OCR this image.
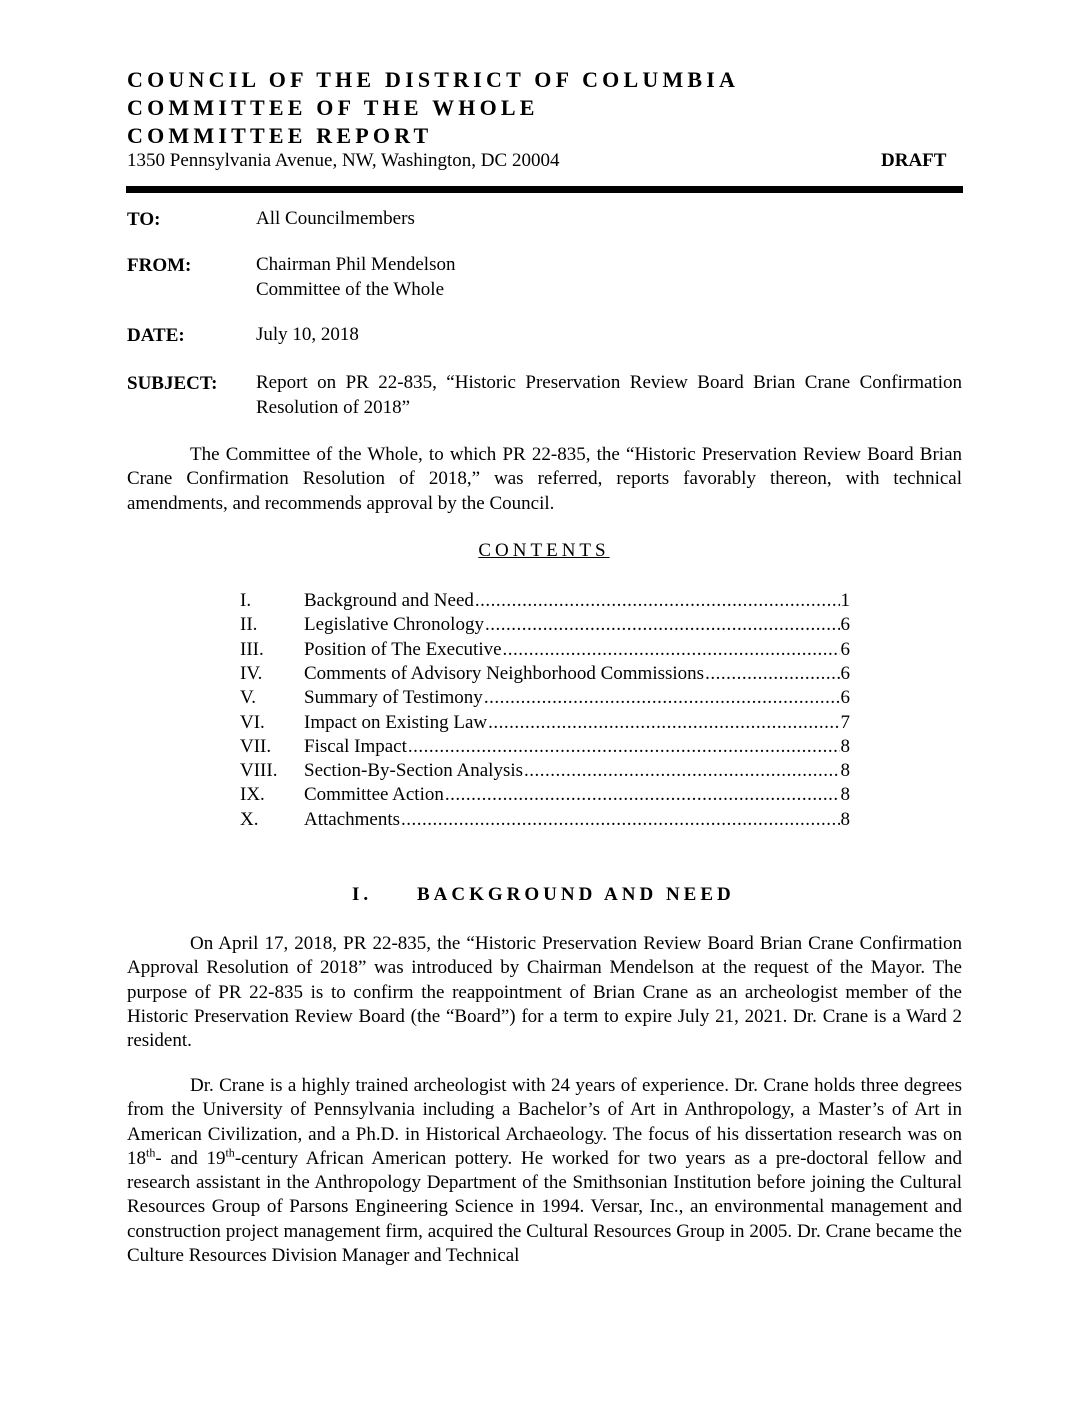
COUNCIL OF THE DISTRICT OF COLUMBIA
COMMITTEE OF THE WHOLE
COMMITTEE REPORT
1350 Pennsylvania Avenue, NW, Washington, DC 20004	DRAFT
TO:	All Councilmembers
FROM:	Chairman Phil Mendelson
Committee of the Whole
DATE:	July 10, 2018
SUBJECT: Report on PR 22-835, “Historic Preservation Review Board Brian Crane Confirmation Resolution of 2018”
The Committee of the Whole, to which PR 22-835, the “Historic Preservation Review Board Brian Crane Confirmation Resolution of 2018,” was referred, reports favorably thereon, with technical amendments, and recommends approval by the Council.
CONTENTS
I.	Background and Need .....	1
II. Legislative Chronology .....	6
III. Position of The Executive .....	6
IV. Comments of Advisory Neighborhood Commissions .....	6
V.	Summary of Testimony .....	6
VI. Impact on Existing Law .....	7
VII. Fiscal Impact .....	8
VIII. Section-By-Section Analysis .....	8
IX. Committee Action .....	8
X. Attachments .....	8
I. BACKGROUND AND NEED
On April 17, 2018, PR 22-835, the “Historic Preservation Review Board Brian Crane Confirmation Approval Resolution of 2018” was introduced by Chairman Mendelson at the request of the Mayor. The purpose of PR 22-835 is to confirm the reappointment of Brian Crane as an archeologist member of the Historic Preservation Review Board (the “Board”) for a term to expire July 21, 2021. Dr. Crane is a Ward 2 resident.
Dr. Crane is a highly trained archeologist with 24 years of experience. Dr. Crane holds three degrees from the University of Pennsylvania including a Bachelor’s of Art in Anthropology, a Master’s of Art in American Civilization, and a Ph.D. in Historical Archaeology. The focus of his dissertation research was on 18th- and 19th-century African American pottery. He worked for two years as a pre-doctoral fellow and research assistant in the Anthropology Department of the Smithsonian Institution before joining the Cultural Resources Group of Parsons Engineering Science in 1994. Versar, Inc., an environmental management and construction project management firm, acquired the Cultural Resources Group in 2005. Dr. Crane became the Culture Resources Division Manager and Technical
